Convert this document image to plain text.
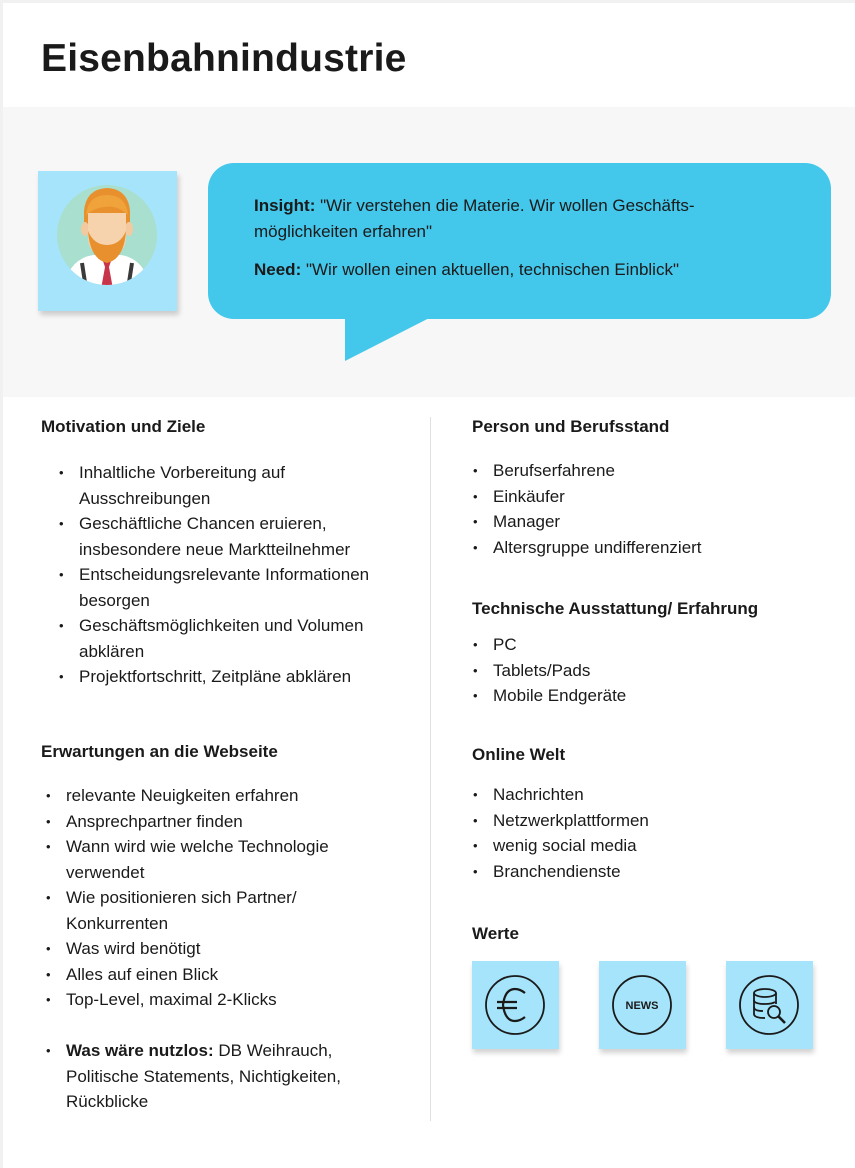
Eisenbahnindustrie

Insight: "Wir verstehen die Materie. Wir wollen Geschäfts-möglichkeiten erfahren"

Need: "Wir wollen einen aktuellen, technischen Einblick"

Motivation und Ziele
• Inhaltliche Vorbereitung auf Ausschreibungen
• Geschäftliche Chancen eruieren, insbesondere neue Marktteilnehmer
• Entscheidungsrelevante Informationen besorgen
• Geschäftsmöglichkeiten und Volumen abklären
• Projektfortschritt, Zeitpläne abklären
Erwartungen an die Webseite
• relevante Neuigkeiten erfahren
• Ansprechpartner finden
• Wann wird wie welche Technologie verwendet
• Wie positionieren sich Partner/ Konkurrenten
• Was wird benötigt
• Alles auf einen Blick
• Top-Level, maximal 2-Klicks
• Was wäre nutzlos: DB Weihrauch, Politische Statements, Nichtigkeiten, Rückblicke
Person und Berufsstand
• Berufserfahrene
• Einkäufer
• Manager
• Altersgruppe undifferenziert
Technische Ausstattung/ Erfahrung
• PC
• Tablets/Pads
• Mobile Endgeräte
Online Welt
• Nachrichten
• Netzwerkplattformen
• wenig social media
• Branchendienste
Werte
NEWS
